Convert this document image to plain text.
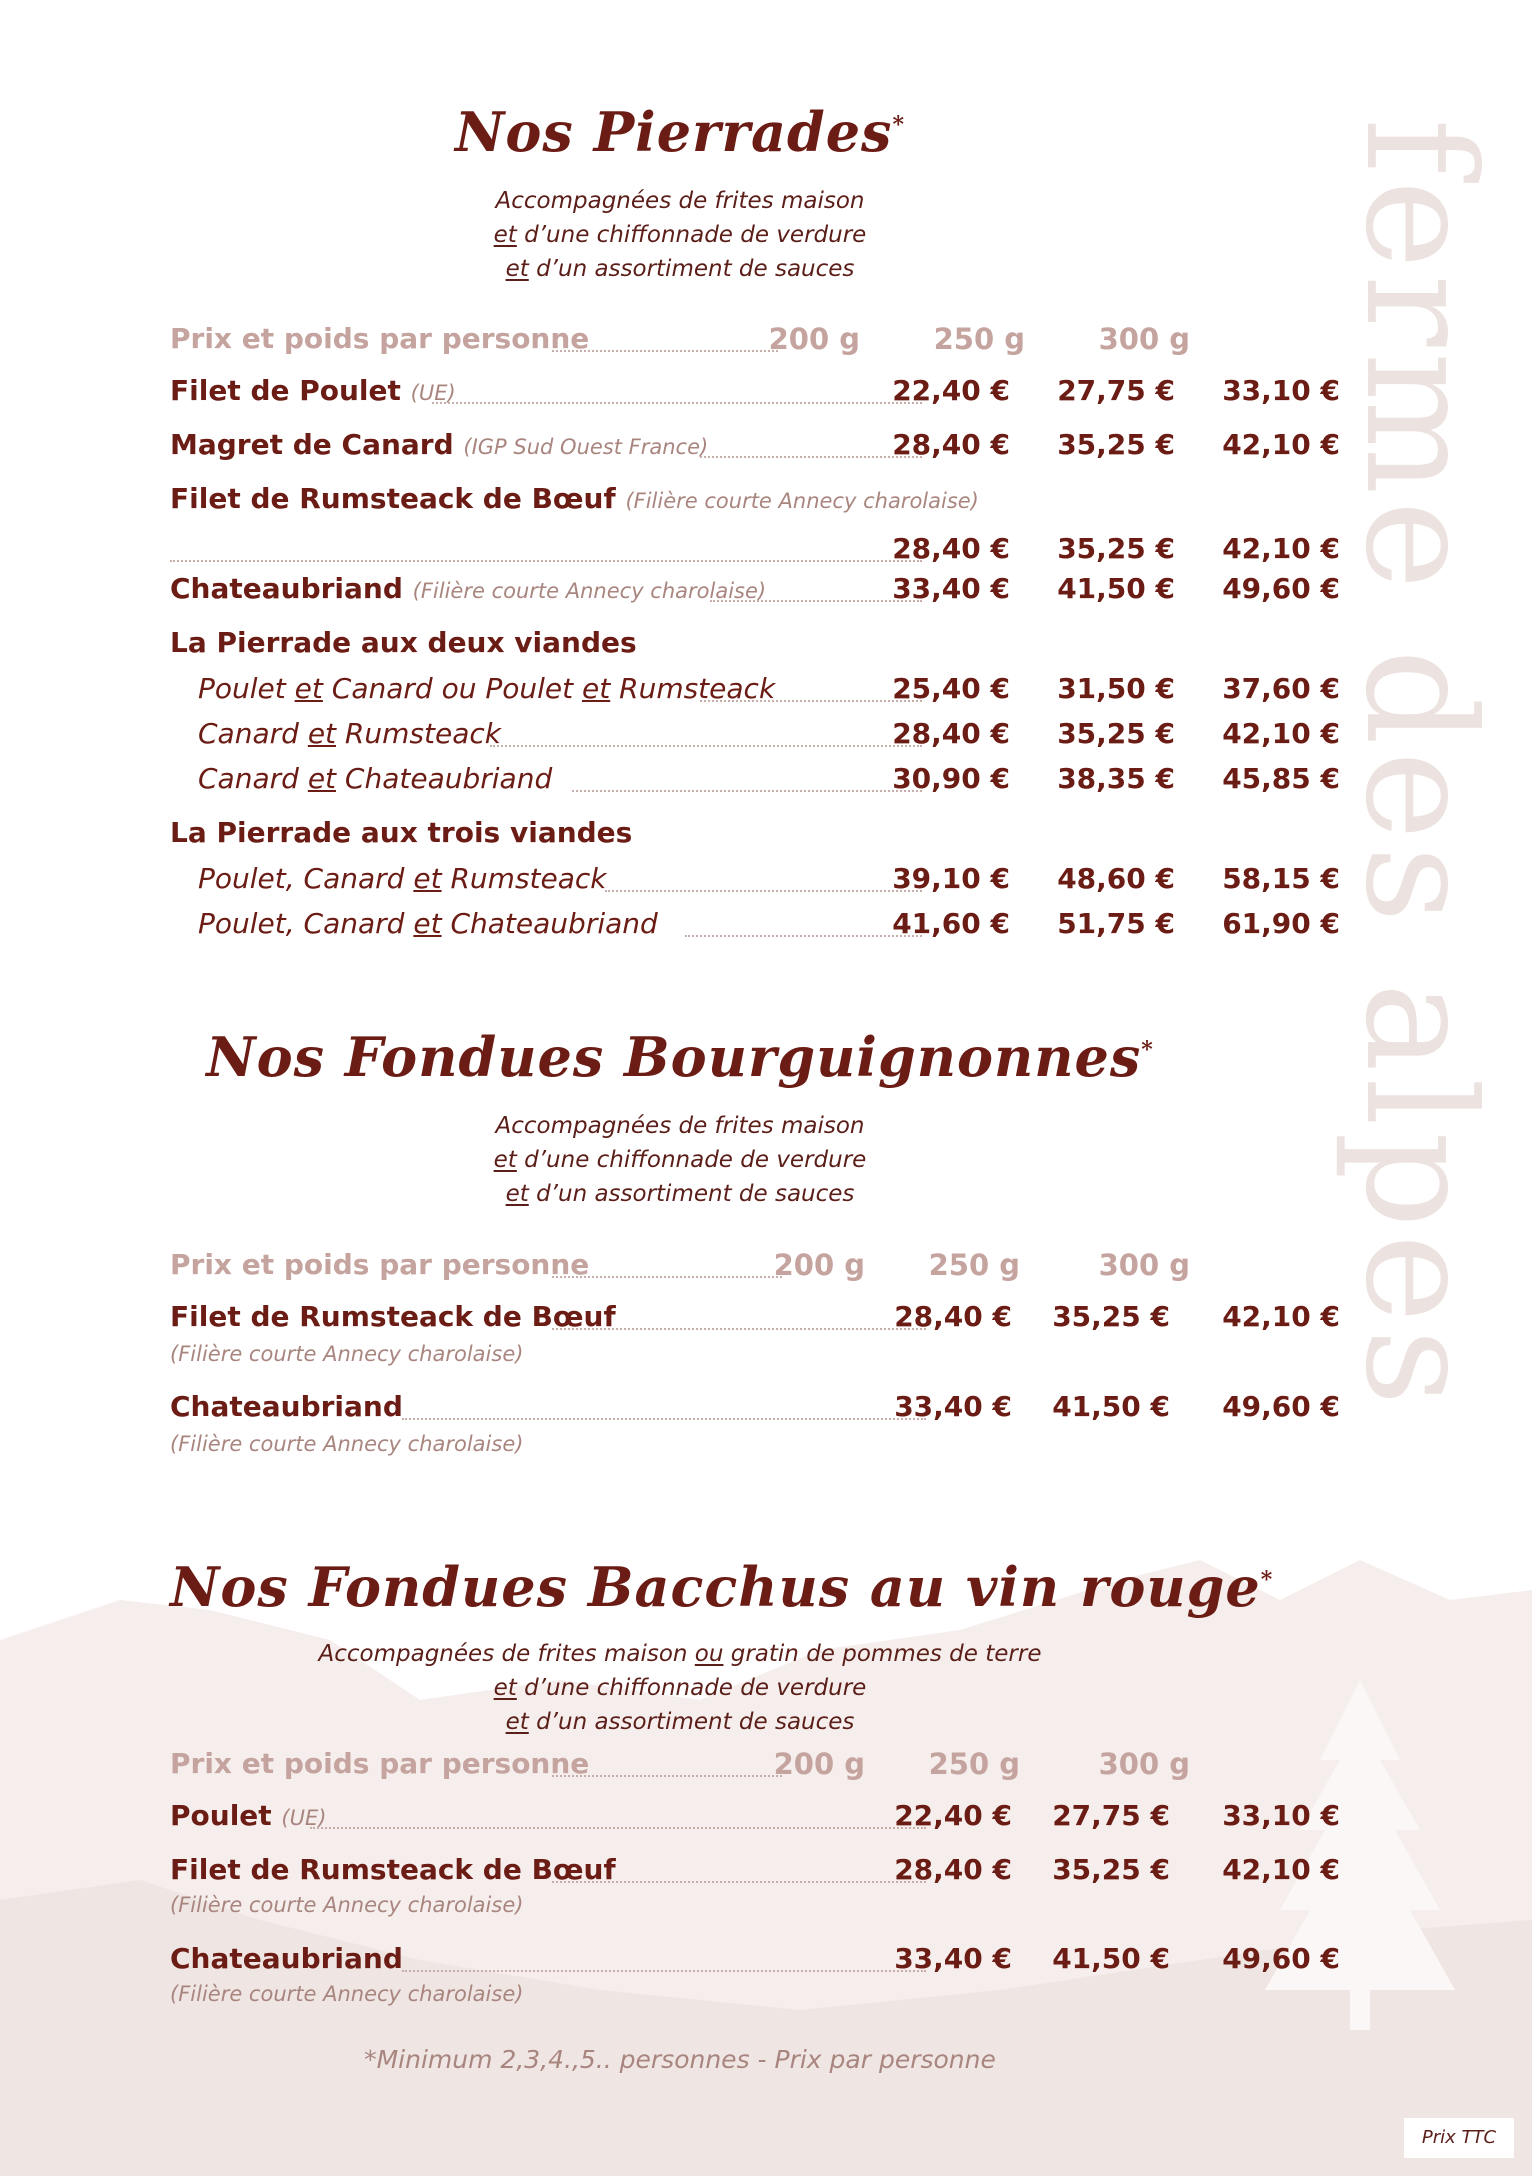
ferme des alpes
Nos Pierrades*
Accompagnées de frites maison
et d’une chiffonnade de verdure
et d’un assortiment de sauces
Prix et poids par personne	200 g	250 g	300 g
Filet de Poulet (UE)	22,40 €	27,75 €	33,10 €
Magret de Canard (IGP Sud Ouest France)	28,40 €	35,25 €	42,10 €
Filet de Rumsteack de Bœuf (Filière courte Annecy charolaise)
28,40 €	35,25 €	42,10 €
Chateaubriand (Filière courte Annecy charolaise)	33,40 €	41,50 €	49,60 €
La Pierrade aux deux viandes
Poulet et Canard ou Poulet et Rumsteack	25,40 €	31,50 €	37,60 €
Canard et Rumsteack	28,40 €	35,25 €	42,10 €
Canard et Chateaubriand	30,90 €	38,35 €	45,85 €
La Pierrade aux trois viandes
Poulet, Canard et Rumsteack	39,10 €	48,60 €	58,15 €
Poulet, Canard et Chateaubriand	41,60 €	51,75 €	61,90 €
Nos Fondues Bourguignonnes*
Accompagnées de frites maison
et d’une chiffonnade de verdure
et d’un assortiment de sauces
Prix et poids par personne	200 g	250 g	300 g
Filet de Rumsteack de Bœuf
(Filière courte Annecy charolaise)
28,40 €	35,25 €	42,10 €
Chateaubriand
(Filière courte Annecy charolaise)
33,40 €	41,50 €	49,60 €
Nos Fondues Bacchus au vin rouge*
Accompagnées de frites maison ou gratin de pommes de terre
et d’une chiffonnade de verdure
et d’un assortiment de sauces
Prix et poids par personne	200 g	250 g	300 g
Poulet (UE)	22,40 €	27,75 €	33,10 €
Filet de Rumsteack de Bœuf
(Filière courte Annecy charolaise)
28,40 €	35,25 €	42,10 €
Chateaubriand
(Filière courte Annecy charolaise)
33,40 €	41,50 €	49,60 €
*Minimum 2,3,4.,5.. personnes - Prix par personne
Prix TTC
